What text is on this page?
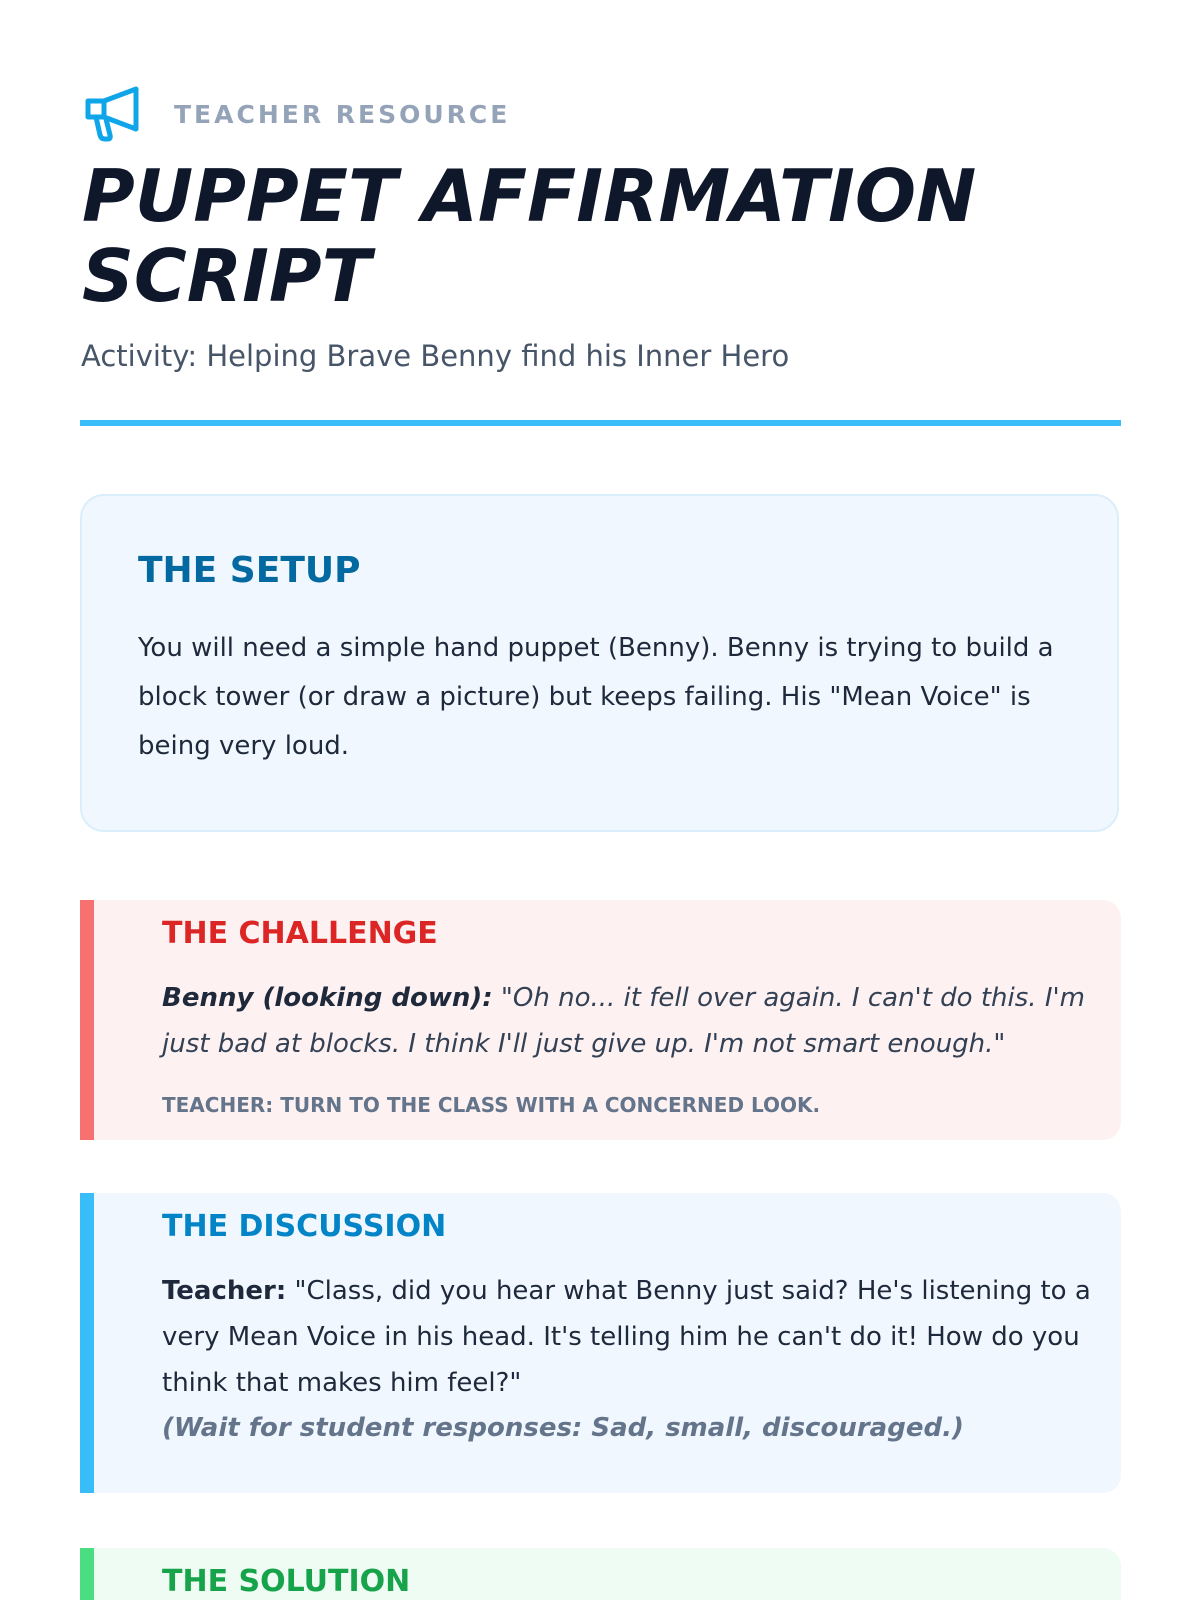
TEACHER RESOURCE
PUPPET AFFIRMATION SCRIPT
Activity: Helping Brave Benny find his Inner Hero
THE SETUP

You will need a simple hand puppet (Benny). Benny is trying to build a block tower (or draw a picture) but keeps failing. His "Mean Voice" is being very loud.

THE CHALLENGE

Benny (looking down): "Oh no... it fell over again. I can't do this. I'm just bad at blocks. I think I'll just give up. I'm not smart enough."

TEACHER: TURN TO THE CLASS WITH A CONCERNED LOOK.
THE DISCUSSION

Teacher: "Class, did you hear what Benny just said? He's listening to a very Mean Voice in his head. It's telling him he can't do it! How do you think that makes him feel?"

(Wait for student responses: Sad, small, discouraged.)
THE SOLUTION
